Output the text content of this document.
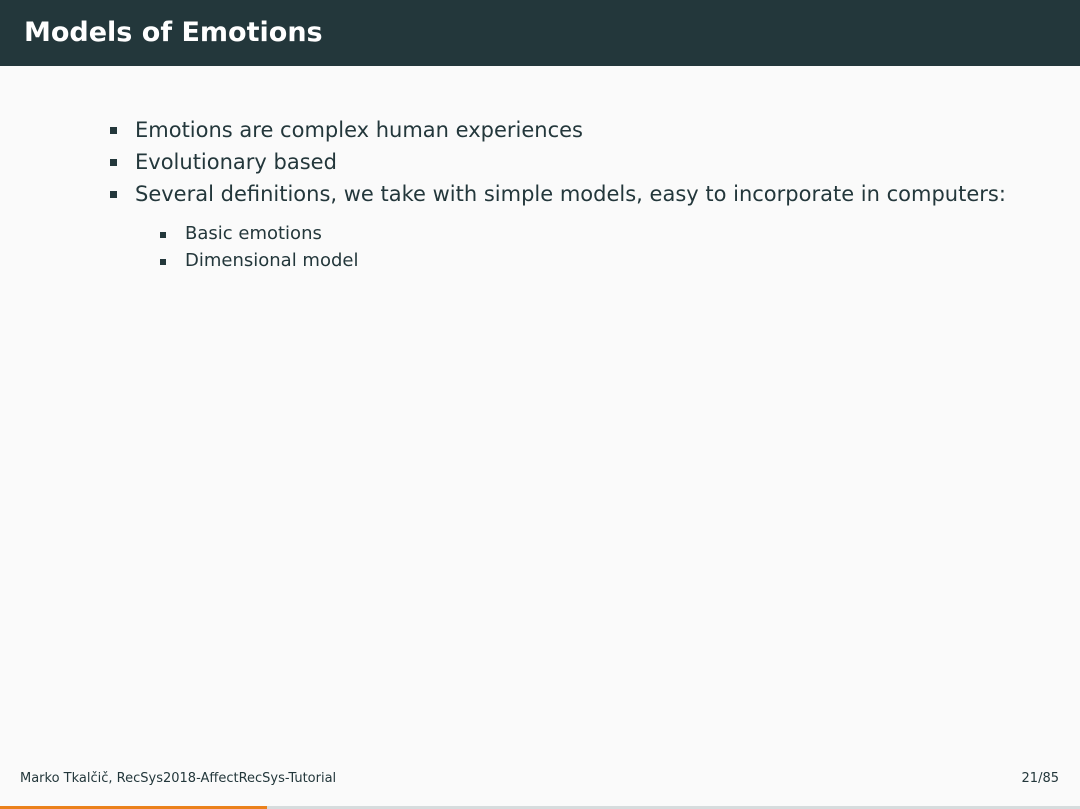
Models of Emotions
Emotions are complex human experiences
Evolutionary based
Several definitions, we take with simple models, easy to incorporate in computers:
Basic emotions
Dimensional model
Marko Tkalčič, RecSys2018-AffectRecSys-Tutorial	21/85
